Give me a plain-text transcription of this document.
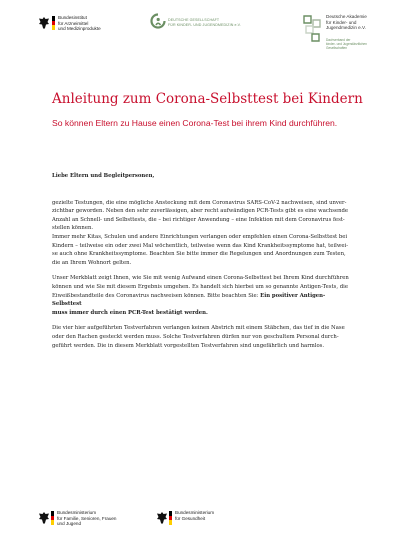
Bundesinstitut
für Arzneimittel
und Medizinprodukte
DEUTSCHE GESELLSCHAFT
FÜR KINDER- UND JUGENDMEDIZIN e.V.
Deutsche Akademie
für Kinder- und
Jugendmedizin e.V.
Dachverband der
kinder- und Jugendärztlichen
Gesellschaften
Anleitung zum Corona-Selbsttest bei Kindern
So können Eltern zu Hause einen Corona-Test bei ihrem Kind durchführen.

Liebe Eltern und Begleitpersonen,

gezielte Testungen, die eine mögliche Ansteckung mit dem Coronavirus SARS-CoV-2 nachweisen, sind unver-

zichtbar geworden. Neben den sehr zuverlässigen, aber recht aufwändigen PCR-Tests gibt es eine wachsende

Anzahl an Schnell- und Selbsttests, die – bei richtiger Anwendung – eine Infektion mit dem Coronavirus fest-

stellen können.

Immer mehr Kitas, Schulen und andere Einrichtungen verlangen oder empfehlen einen Corona-Selbsttest bei

Kindern – teilweise ein oder zwei Mal wöchentlich, teilweise wenn das Kind Krankheitssymptome hat, teilwei-

se auch ohne Krankheitssymptome. Beachten Sie bitte immer die Regelungen und Anordnungen zum Testen,

die an Ihrem Wohnort gelten.

Unser Merkblatt zeigt Ihnen, wie Sie mit wenig Aufwand einen Corona-Selbsttest bei Ihrem Kind durchführen

können und wie Sie mit diesem Ergebnis umgehen. Es handelt sich hierbei um so genannte Antigen-Tests, die

Eiweißbestandteile des Coronavirus nachweisen können. Bitte beachten Sie: Ein positiver Antigen-Selbsttest

muss immer durch einen PCR-Test bestätigt werden.

Die vier hier aufgeführten Testverfahren verlangen keinen Abstrich mit einem Stäbchen, das tief in die Nase

oder den Rachen gesteckt werden muss. Solche Testverfahren dürfen nur von geschultem Personal durch-

geführt werden. Die in diesem Merkblatt vorgestellten Testverfahren sind ungefährlich und harmlos.

Bundesministerium
für Familie, Senioren, Frauen
und Jugend
Bundesministerium
für Gesundheit
